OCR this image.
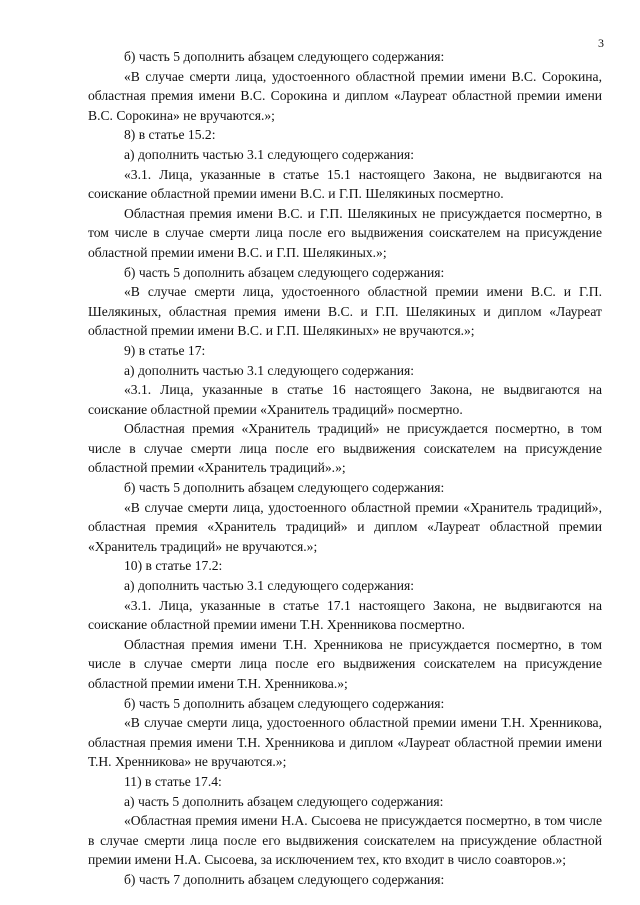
3

б) часть 5 дополнить абзацем следующего содержания:

«В случае смерти лица, удостоенного областной премии имени В.С. Сорокина, областная премия имени В.С. Сорокина и диплом «Лауреат областной премии имени В.С. Сорокина» не вручаются.»;

8) в статье 15.2:

а) дополнить частью 3.1 следующего содержания:

«3.1. Лица, указанные в статье 15.1 настоящего Закона, не выдвигаются на соискание областной премии имени В.С. и Г.П. Шелякиных посмертно.

Областная премия имени В.С. и Г.П. Шелякиных не присуждается посмертно, в том числе в случае смерти лица после его выдвижения соискателем на присуждение областной премии имени В.С. и Г.П. Шелякиных.»;

б) часть 5 дополнить абзацем следующего содержания:

«В случае смерти лица, удостоенного областной премии имени В.С. и Г.П. Шелякиных, областная премия имени В.С. и Г.П. Шелякиных и диплом «Лауреат областной премии имени В.С. и Г.П. Шелякиных» не вручаются.»;

9) в статье 17:

а) дополнить частью 3.1 следующего содержания:

«3.1. Лица, указанные в статье 16 настоящего Закона, не выдвигаются на соискание областной премии «Хранитель традиций» посмертно.

Областная премия «Хранитель традиций» не присуждается посмертно, в том числе в случае смерти лица после его выдвижения соискателем на присуждение областной премии «Хранитель традиций».»;

б) часть 5 дополнить абзацем следующего содержания:

«В случае смерти лица, удостоенного областной премии «Хранитель традиций», областная премия «Хранитель традиций» и диплом «Лауреат областной премии «Хранитель традиций» не вручаются.»;

10) в статье 17.2:

а) дополнить частью 3.1 следующего содержания:

«3.1. Лица, указанные в статье 17.1 настоящего Закона, не выдвигаются на соискание областной премии имени Т.Н. Хренникова посмертно.

Областная премия имени Т.Н. Хренникова не присуждается посмертно, в том числе в случае смерти лица после его выдвижения соискателем на присуждение областной премии имени Т.Н. Хренникова.»;

б) часть 5 дополнить абзацем следующего содержания:

«В случае смерти лица, удостоенного областной премии имени Т.Н. Хренникова, областная премия имени Т.Н. Хренникова и диплом «Лауреат областной премии имени Т.Н. Хренникова» не вручаются.»;

11) в статье 17.4:

а) часть 5 дополнить абзацем следующего содержания:

«Областная премия имени Н.А. Сысоева не присуждается посмертно, в том числе в случае смерти лица после его выдвижения соискателем на присуждение областной премии имени Н.А. Сысоева, за исключением тех, кто входит в число соавторов.»;

б) часть 7 дополнить абзацем следующего содержания:
